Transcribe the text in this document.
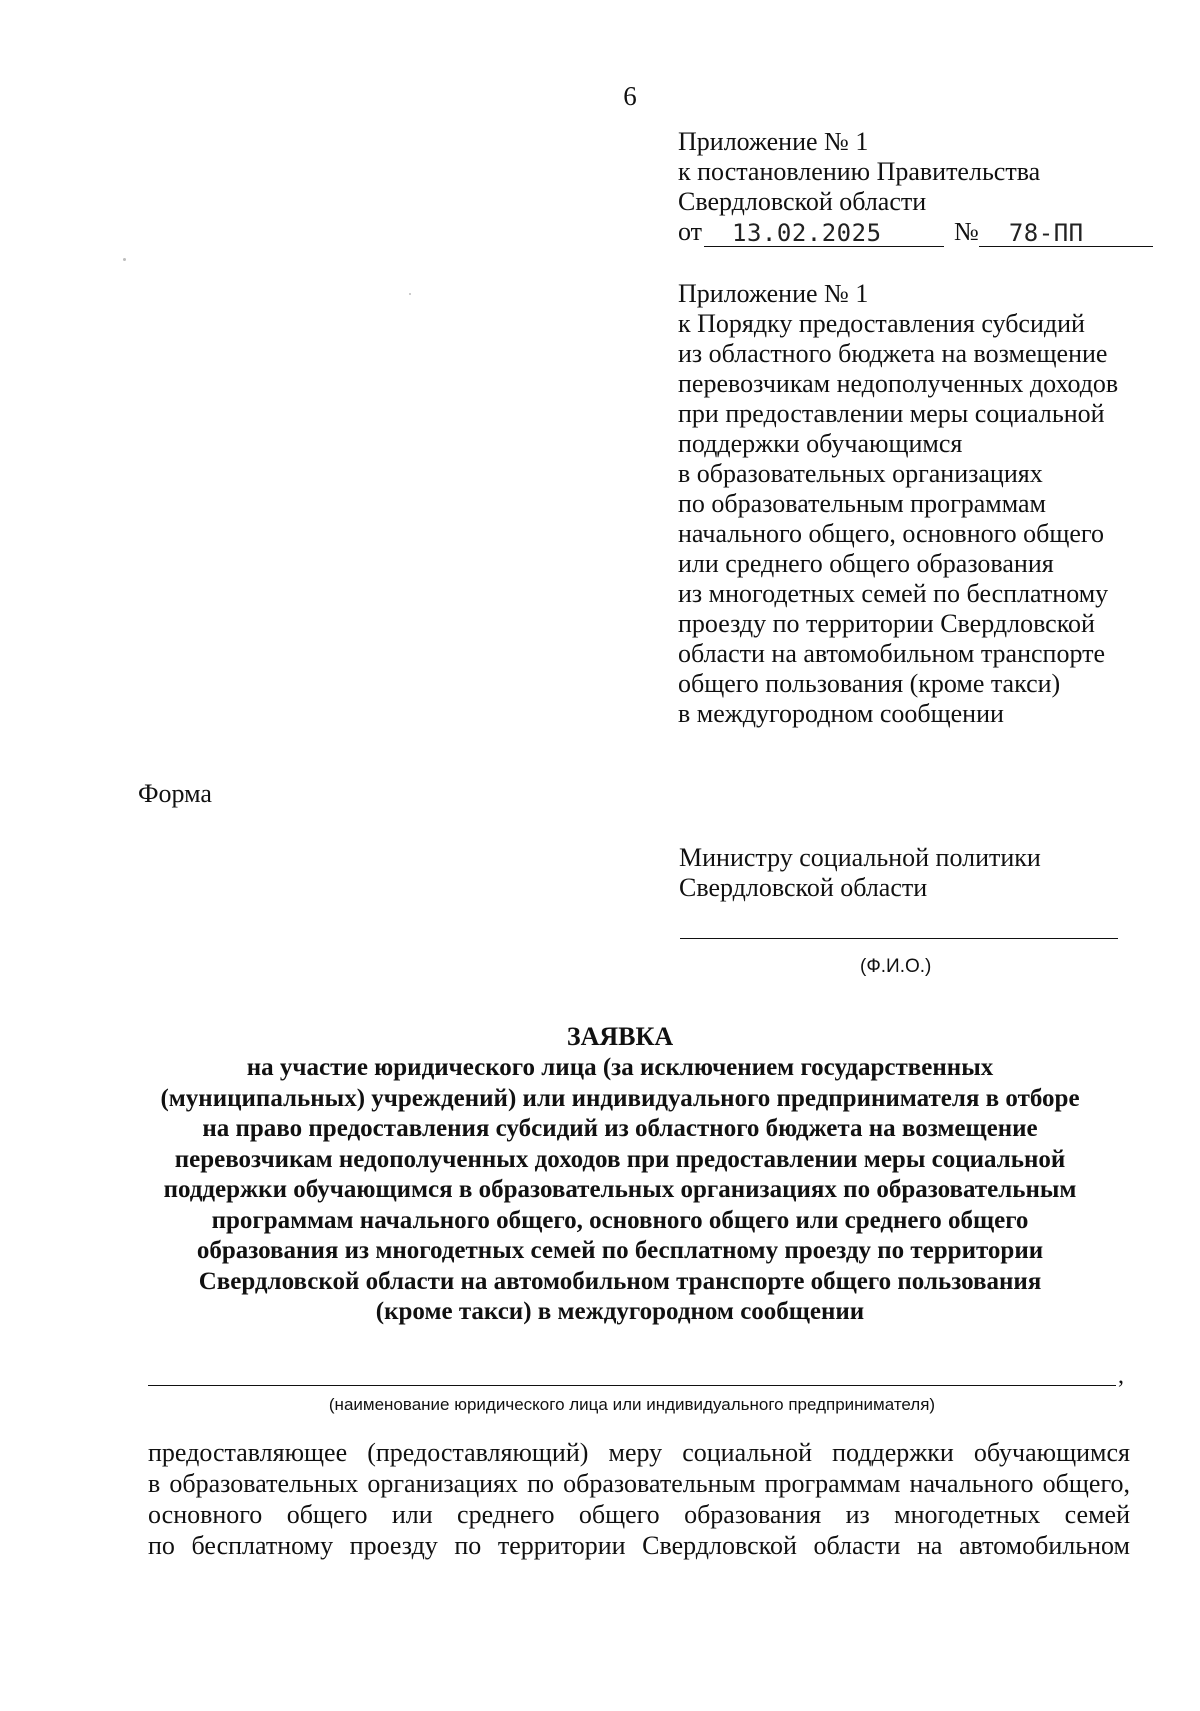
6
Приложение № 1
к постановлению Правительства
Свердловской области
от	13.02.2025	№	78-ПП
Приложение № 1
к Порядку предоставления субсидий
из областного бюджета на возмещение
перевозчикам недополученных доходов
при предоставлении меры социальной
поддержки обучающимся
в образовательных организациях
по образовательным программам
начального общего, основного общего
или среднего общего образования
из многодетных семей по бесплатному
проезду по территории Свердловской
области на автомобильном транспорте
общего пользования (кроме такси)
в междугородном сообщении
Форма
Министру социальной политики
Свердловской области
(Ф.И.О.)
ЗАЯВКА
на участие юридического лица (за исключением государственных
(муниципальных) учреждений) или индивидуального предпринимателя в отборе
на право предоставления субсидий из областного бюджета на возмещение
перевозчикам недополученных доходов при предоставлении меры социальной
поддержки обучающимся в образовательных организациях по образовательным
программам начального общего, основного общего или среднего общего
образования из многодетных семей по бесплатному проезду по территории
Свердловской области на автомобильном транспорте общего пользования
(кроме такси) в междугородном сообщении
,
(наименование юридического лица или индивидуального предпринимателя)
предоставляющее (предоставляющий) меру социальной поддержки обучающимся
в образовательных организациях по образовательным программам начального общего,
основного общего или среднего общего образования из многодетных семей
по бесплатному проезду по территории Свердловской области на автомобильном
